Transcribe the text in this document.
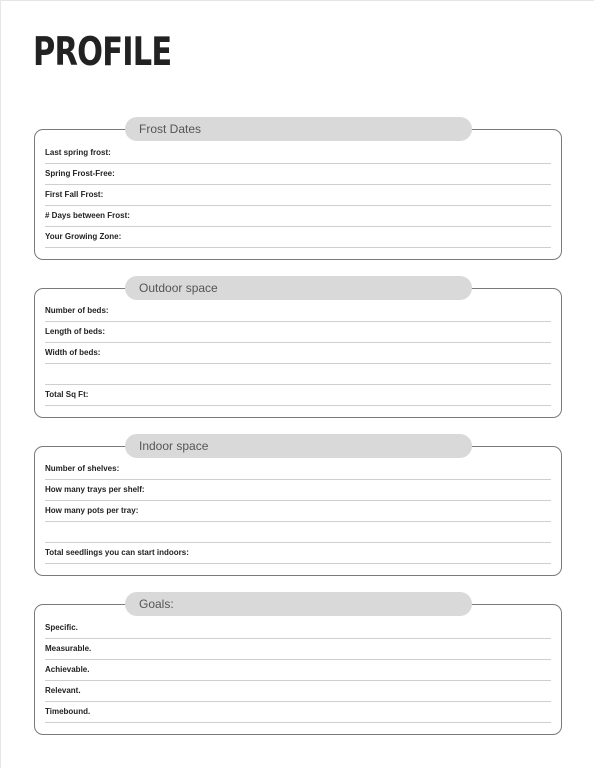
PROFILE
Frost Dates
Last spring frost:
Spring Frost-Free:
First Fall Frost:
# Days between Frost:
Your Growing Zone:
Outdoor space
Number of beds:
Length of beds:
Width of beds:
Total Sq Ft:
Indoor space
Number of shelves:
How many trays per shelf:
How many pots per tray:
Total seedlings you can start indoors:
Goals:
Specific.
Measurable.
Achievable.
Relevant.
Timebound.
